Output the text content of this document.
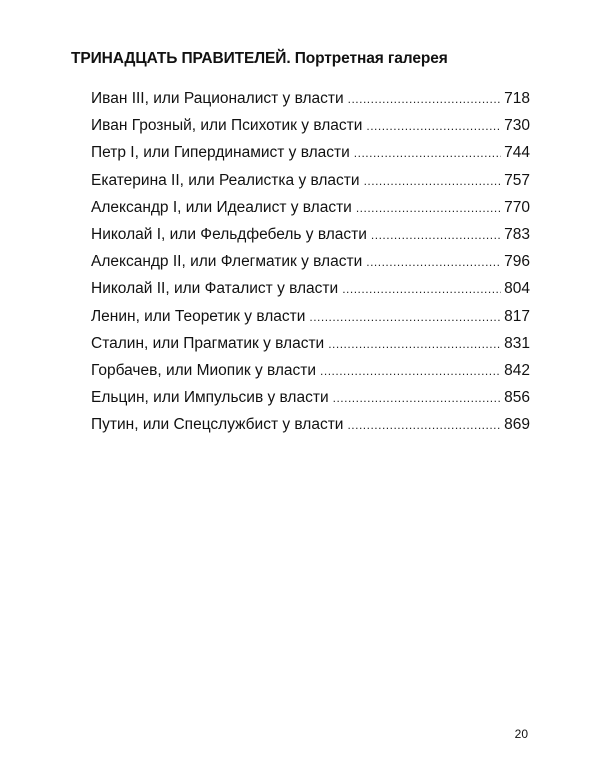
ТРИНАДЦАТЬ ПРАВИТЕЛЕЙ. Портретная галерея
Иван III, или Рационалист у власти .....	718
Иван Грозный, или Психотик у власти .....	730
Петр I, или Гипердинамист у власти .....	744
Екатерина II, или Реалистка у власти .....	757
Александр I, или Идеалист у власти .....	770
Николай I, или Фельдфебель у власти .....	783
Александр II, или Флегматик у власти .....	796
Николай II, или Фаталист у власти .....	804
Ленин, или Теоретик у власти .....	817
Сталин, или Прагматик у власти .....	831
Горбачев, или Миопик у власти .....	842
Ельцин, или Импульсив у власти .....	856
Путин, или Спецслужбист у власти .....	869
20
